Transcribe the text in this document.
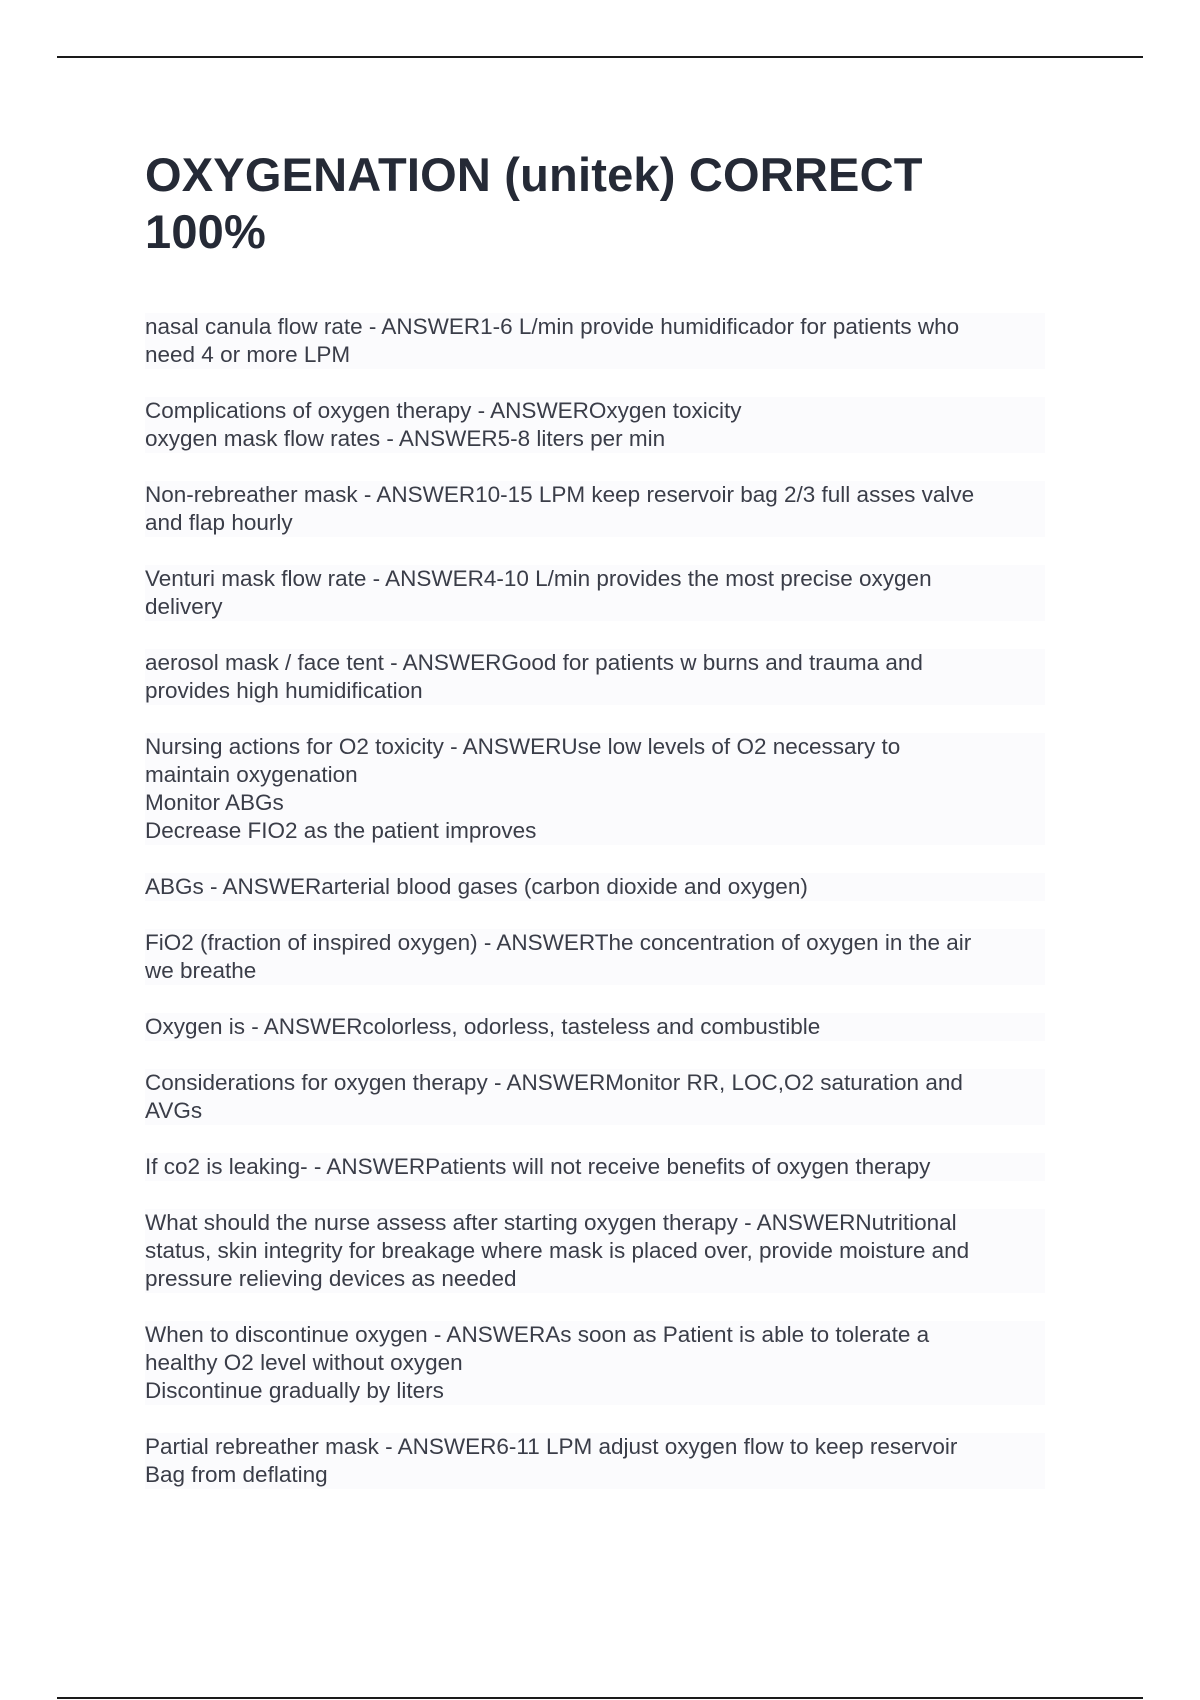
OXYGENATION (unitek) CORRECT 100%

nasal canula flow rate - ANSWER1-6 L/min provide humidificador for patients who
need 4 or more LPM

Complications of oxygen therapy - ANSWEROxygen toxicity
oxygen mask flow rates - ANSWER5-8 liters per min

Non-rebreather mask - ANSWER10-15 LPM keep reservoir bag 2/3 full asses valve
and flap hourly

Venturi mask flow rate - ANSWER4-10 L/min provides the most precise oxygen
delivery

aerosol mask / face tent - ANSWERGood for patients w burns and trauma and
provides high humidification

Nursing actions for O2 toxicity - ANSWERUse low levels of O2 necessary to
maintain oxygenation
Monitor ABGs
Decrease FIO2 as the patient improves

ABGs - ANSWERarterial blood gases (carbon dioxide and oxygen)

FiO2 (fraction of inspired oxygen) - ANSWERThe concentration of oxygen in the air
we breathe

Oxygen is - ANSWERcolorless, odorless, tasteless and combustible

Considerations for oxygen therapy - ANSWERMonitor RR, LOC,O2 saturation and
AVGs

If co2 is leaking- - ANSWERPatients will not receive benefits of oxygen therapy

What should the nurse assess after starting oxygen therapy - ANSWERNutritional
status, skin integrity for breakage where mask is placed over, provide moisture and
pressure relieving devices as needed

When to discontinue oxygen - ANSWERAs soon as Patient is able to tolerate a
healthy O2 level without oxygen
Discontinue gradually by liters

Partial rebreather mask - ANSWER6-11 LPM adjust oxygen flow to keep reservoir
Bag from deflating
